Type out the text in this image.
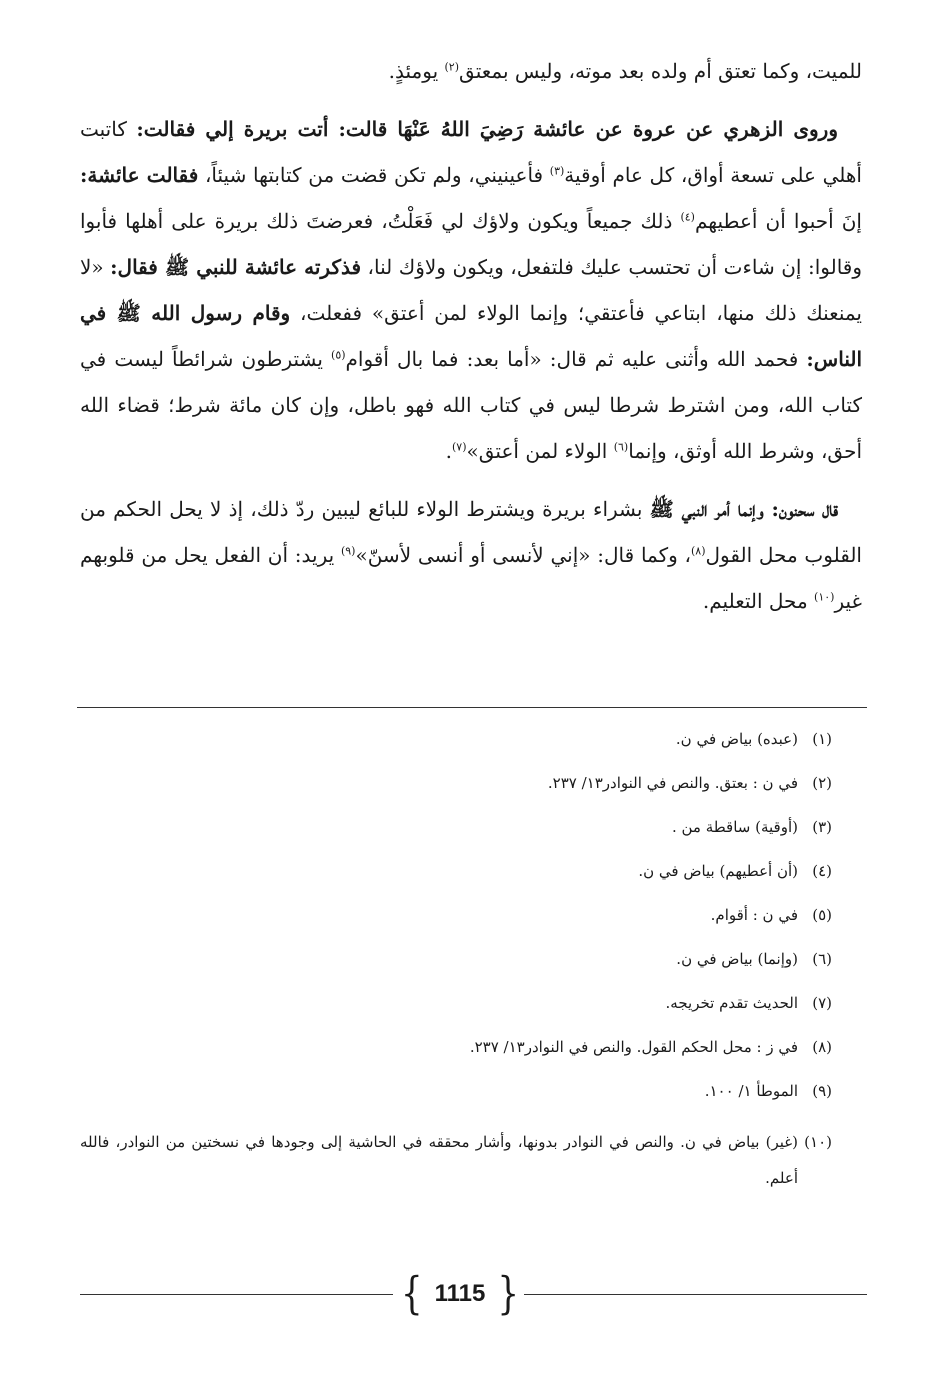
للميت، وكما تعتق أم ولده بعد موته، وليس بمعتق$^{(٢)}$ يومئذٍ.

وروى الزهري عن عروة عن عائشة رَضِيَ اللهُ عَنْهَا قالت: أتت بريرة إلي فقالت: كاتبت أهلي على تسعة أواق، كل عام أوقية$^{(٣)}$ فأعينيني، ولم تكن قضت من كتابتها شيئاً، فقالت عائشة: إنَ أحبوا أن أعطيهم$^{(٤)}$ ذلك جميعاً ويكون ولاؤك لي فَعَلْتُ، فعرضتَ ذلك بريرة على أهلها فأبوا وقالوا: إن شاءت أن تحتسب عليك فلتفعل، ويكون ولاؤك لنا، فذكرته عائشة للنبي ﷺ فقال: «لا يمنعنك ذلك منها، ابتاعي فأعتقي؛ وإنما الولاء لمن أعتق» ففعلت، وقام رسول الله ﷺ في الناس: فحمد الله وأثنى عليه ثم قال: «أما بعد: فما بال أقوام$^{(٥)}$ يشترطون شرائطاً ليست في كتاب الله، ومن اشترط شرطا ليس في كتاب الله فهو باطل، وإن كان مائة شرط؛ قضاء الله أحق، وشرط الله أوثق، وإنما$^{(٦)}$ الولاء لمن أعتق»$^{(٧)}$.

قال سحنون: وإنما أمر النبي ﷺ بشراء بريرة ويشترط الولاء للبائع ليبين ردّ ذلك، إذ لا يحل الحكم من القلوب محل القول$^{(٨)}$، وكما قال: «إني لأنسى أو أنسى لأسنّ»$^{(٩)}$ يريد: أن الفعل يحل من قلوبهم غير$^{(١٠)}$ محل التعليم.

(١)
(عبده) بياض في ن.
(٢)
في ن : بعتق. والنص في النوادر١٣/ ٢٣٧.
(٣)
(أوقية) ساقطة من .
(٤)
(أن أعطيهم) بياض في ن.
(٥)
في ن : أقوام.
(٦)
(وإنما) بياض في ن.
(٧)
الحديث تقدم تخريجه.
(٨)
في ز : محل الحكم القول. والنص في النوادر١٣/ ٢٣٧.
(٩)
الموطأ ١/ ١٠٠.
(١٠)
(غير) بياض في ن. والنص في النوادر بدونها، وأشار محققه في الحاشية إلى وجودها في نسختين من النوادر، فالله أعلم.
{ 1115 }
